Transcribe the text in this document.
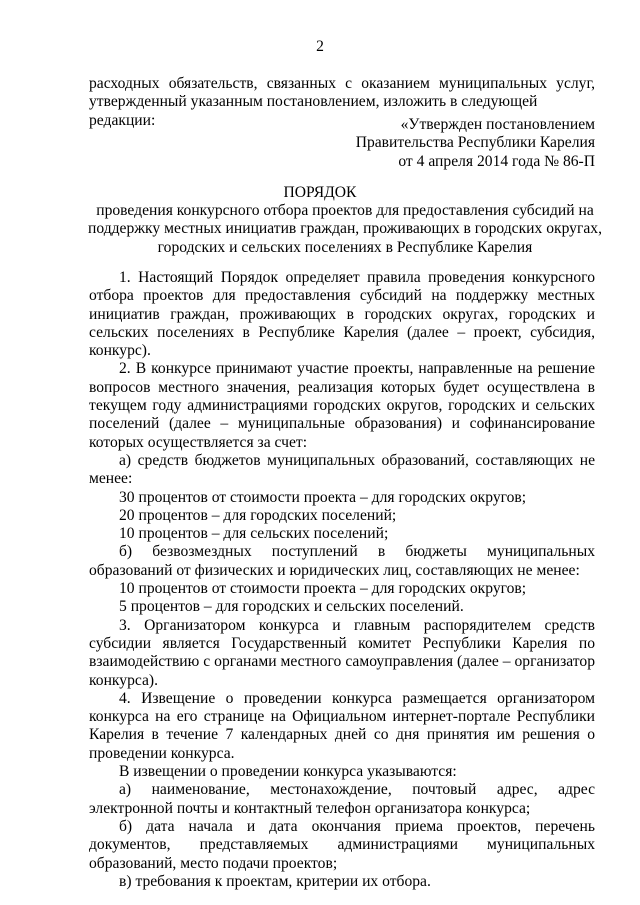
2
расходных обязательств, связанных с оказанием муниципальных услуг,
утвержденный указанным постановлением, изложить в следующей редакции:	«Утвержден постановлением
Правительства Республики Карелия
от 4 апреля 2014 года № 86-П
ПОРЯДОК
проведения конкурсного отбора проектов для предоставления субсидий на
поддержку местных инициатив граждан, проживающих в городских округах,
городских и сельских поселениях в Республике Карелия

1. Настоящий Порядок определяет правила проведения конкурсного отбора проектов для предоставления субсидий на поддержку местных инициатив граждан, проживающих в городских округах, городских и сельских поселениях в Республике Карелия (далее – проект, субсидия, конкурс).

2. В конкурсе принимают участие проекты, направленные на решение вопросов местного значения, реализация которых будет осуществлена в текущем году администрациями городских округов, городских и сельских поселений (далее – муниципальные образования) и софинансирование которых осуществляется за счет:

а) средств бюджетов муниципальных образований, составляющих не менее:

30 процентов от стоимости проекта – для городских округов;

20 процентов – для городских поселений;

10 процентов – для сельских поселений;

б) безвозмездных поступлений в бюджеты муниципальных образований от физических и юридических лиц, составляющих не менее:

10 процентов от стоимости проекта – для городских округов;

5 процентов – для городских и сельских поселений.

3. Организатором конкурса и главным распорядителем средств субсидии является Государственный комитет Республики Карелия по взаимодействию с органами местного самоуправления (далее – организатор конкурса).

4. Извещение о проведении конкурса размещается организатором конкурса на его странице на Официальном интернет-портале Республики Карелия в течение 7 календарных дней со дня принятия им решения о проведении конкурса.

В извещении о проведении конкурса указываются:

а) наименование, местонахождение, почтовый адрес, адрес электронной почты и контактный телефон организатора конкурса;

б) дата начала и дата окончания приема проектов, перечень документов, представляемых администрациями муниципальных образований, место подачи проектов;

в) требования к проектам, критерии их отбора.
